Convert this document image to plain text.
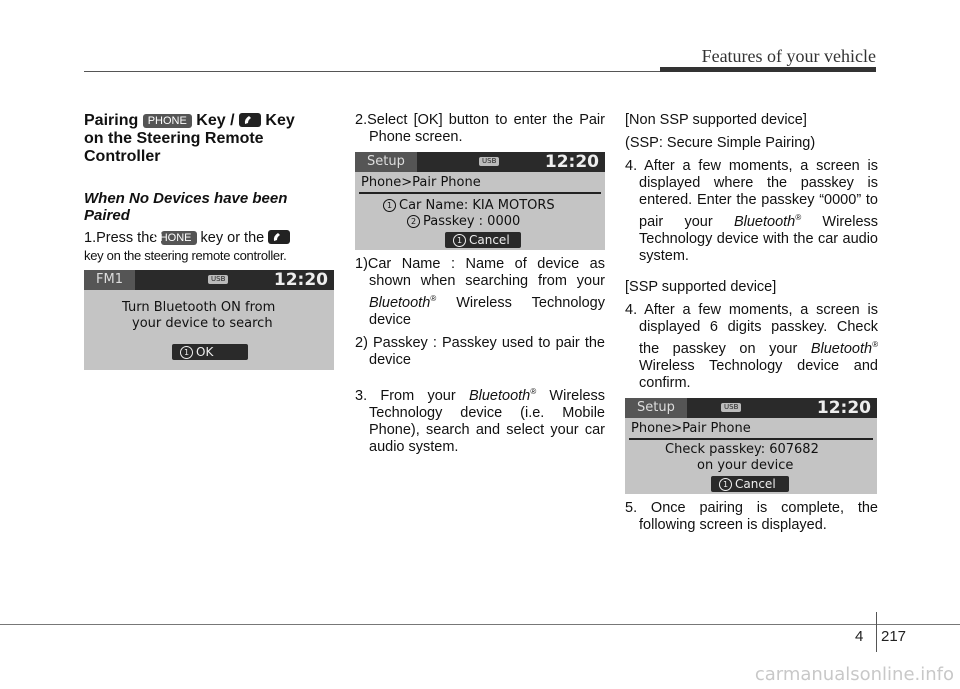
Features of your vehicle
Pairing PHONE Key / Key
on the Steering Remote
Controller
When No Devices have been Paired

1.Press the PHONE key or the

key on the steering remote controller.

FM1	USB	12:20
Turn Bluetooth ON from
your device to search
1 OK

2.Select [OK] button to enter the Pair Phone screen.

Setup	USB	12:20
Phone>Pair Phone
1 Car Name: KIA MOTORS
2 Passkey : 0000
1 Cancel

1)Car Name : Name of device as shown when searching from your Bluetooth® Wireless Technology device

2) Passkey : Passkey used to pair the device

3. From your Bluetooth® Wireless Technology device (i.e. Mobile Phone), search and select your car audio system.

[Non SSP supported device]

(SSP: Secure Simple Pairing)

4. After a few moments, a screen is displayed where the passkey is entered. Enter the passkey “0000” to pair your Bluetooth® Wireless Technology device with the car audio system.

[SSP supported device]

4. After a few moments, a screen is displayed 6 digits passkey. Check the passkey on your Bluetooth® Wireless Technology device and confirm.

Setup	USB	12:20
Phone>Pair Phone
Check passkey: 607682
on your device
1 Cancel

5. Once pairing is complete, the following screen is displayed.

4 217
carmanualsonline.info
